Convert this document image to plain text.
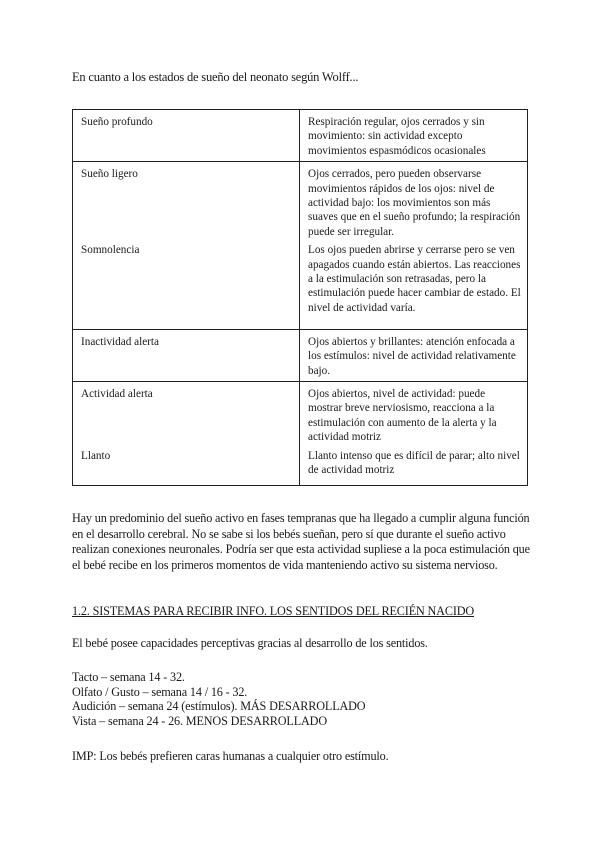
En cuanto a los estados de sueño del neonato según Wolff...
Sueño profundo	Respiración regular, ojos cerrados y sin movimiento: sin actividad excepto movimientos espasmódicos ocasionales
Sueño ligero	Ojos cerrados, pero pueden observarse movimientos rápidos de los ojos: nivel de actividad bajo: los movimientos son más suaves que en el sueño profundo; la respiración puede ser irregular.
Somnolencia	Los ojos pueden abrirse y cerrarse pero se ven apagados cuando están abiertos. Las reacciones a la estimulación son retrasadas, pero la estimulación puede hacer cambiar de estado. El nivel de actividad varía.
Inactividad alerta	Ojos abiertos y brillantes: atención enfocada a los estímulos: nivel de actividad relativamente bajo.
Actividad alerta	Ojos abiertos, nivel de actividad: puede mostrar breve nerviosismo, reacciona a la estimulación con aumento de la alerta y la actividad motriz
Llanto	Llanto intenso que es difícil de parar; alto nivel de actividad motriz

Hay un predominio del sueño activo en fases tempranas que ha llegado a cumplir alguna función en el desarrollo cerebral. No se sabe si los bebés sueñan, pero sí que durante el sueño activo realizan conexiones neuronales. Podría ser que esta actividad supliese a la poca estimulación que el bebé recibe en los primeros momentos de vida manteniendo activo su sistema nervioso.

1.2. SISTEMAS PARA RECIBIR INFO. LOS SENTIDOS DEL RECIÉN NACIDO

El bebé posee capacidades perceptivas gracias al desarrollo de los sentidos.

Tacto – semana 14 - 32.
Olfato / Gusto – semana 14 / 16 - 32.
Audición – semana 24 (estímulos). MÁS DESARROLLADO
Vista – semana 24 - 26. MENOS DESARROLLADO

IMP: Los bebés prefieren caras humanas a cualquier otro estímulo.
